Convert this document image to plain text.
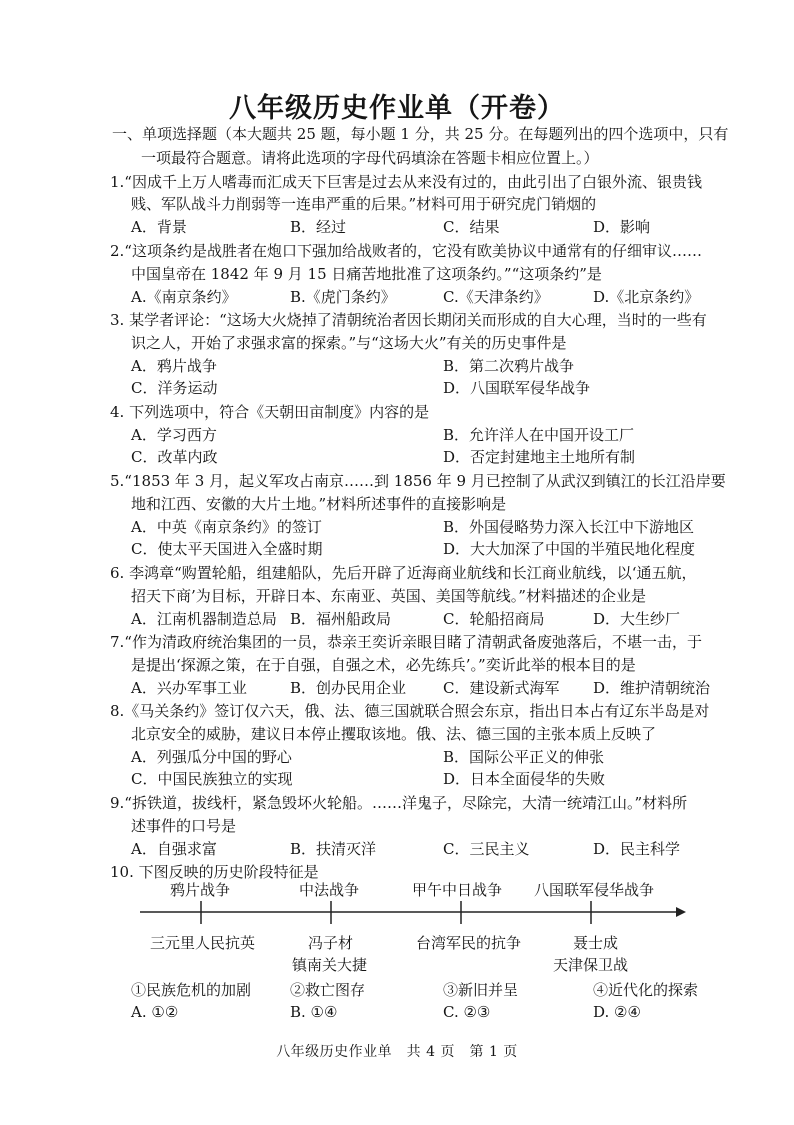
八年级历史作业单（开卷）
一、单项选择题（本大题共 25 题，每小题 1 分，共 25 分。在每题列出的四个选项中，只有
一项最符合题意。请将此选项的字母代码填涂在答题卡相应位置上。）
1.“因成千上万人嗜毒而汇成天下巨害是过去从来没有过的，由此引出了白银外流、银贵钱
贱、军队战斗力削弱等一连串严重的后果。”材料可用于研究虎门销烟的
A．背景	B．经过	C．结果	D．影响
2.“这项条约是战胜者在炮口下强加给战败者的，它没有欧美协议中通常有的仔细审议……
中国皇帝在 1842 年 9 月 15 日痛苦地批准了这项条约。”“这项条约”是
A.《南京条约》	B.《虎门条约》	C.《天津条约》	D.《北京条约》
3. 某学者评论：“这场大火烧掉了清朝统治者因长期闭关而形成的自大心理，当时的一些有
识之人，开始了求强求富的探索。”与“这场大火”有关的历史事件是
A．鸦片战争	B．第二次鸦片战争
C．洋务运动	D．八国联军侵华战争
4. 下列选项中，符合《天朝田亩制度》内容的是
A．学习西方	B．允许洋人在中国开设工厂
C．改革内政	D．否定封建地主土地所有制
5.“1853 年 3 月，起义军攻占南京……到 1856 年 9 月已控制了从武汉到镇江的长江沿岸要
地和江西、安徽的大片土地。”材料所述事件的直接影响是
A．中英《南京条约》的签订	B．外国侵略势力深入长江中下游地区
C．使太平天国进入全盛时期	D．大大加深了中国的半殖民地化程度
6. 李鸿章“购置轮船，组建船队，先后开辟了近海商业航线和长江商业航线，以‘通五航，
招天下商’为目标，开辟日本、东南亚、英国、美国等航线。”材料描述的企业是
A．江南机器制造总局 B．福州船政局	C．轮船招商局	D．大生纱厂
7.“作为清政府统治集团的一员，恭亲王奕䜣亲眼目睹了清朝武备废弛落后，不堪一击，于
是提出‘探源之策，在于自强，自强之术，必先练兵’。”奕䜣此举的根本目的是
A．兴办军事工业	B．创办民用企业 C．建设新式海军 D．维护清朝统治
8.《马关条约》签订仅六天，俄、法、德三国就联合照会东京，指出日本占有辽东半岛是对
北京安全的威胁，建议日本停止攫取该地。俄、法、德三国的主张本质上反映了
A．列强瓜分中国的野心	B．国际公平正义的伸张
C．中国民族独立的实现	D．日本全面侵华的失败
9.“拆铁道，拔线杆，紧急毁坏火轮船。……洋鬼子，尽除完，大清一统靖江山。”材料所
述事件的口号是
A．自强求富	B．扶清灭洋	C．三民主义	D．民主科学
10. 下图反映的历史阶段特征是
鸦片战争	中法战争	甲午中日战争 八国联军侵华战争
三元里人民抗英	冯子材
镇南关大捷
台湾军民的抗争	聂士成
天津保卫战
①民族危机的加剧	②救亡图存	③新旧并呈	④近代化的探索
A. ①②	B. ①④	C. ②③	D. ②④
八年级历史作业单　共 4 页　第 1 页
